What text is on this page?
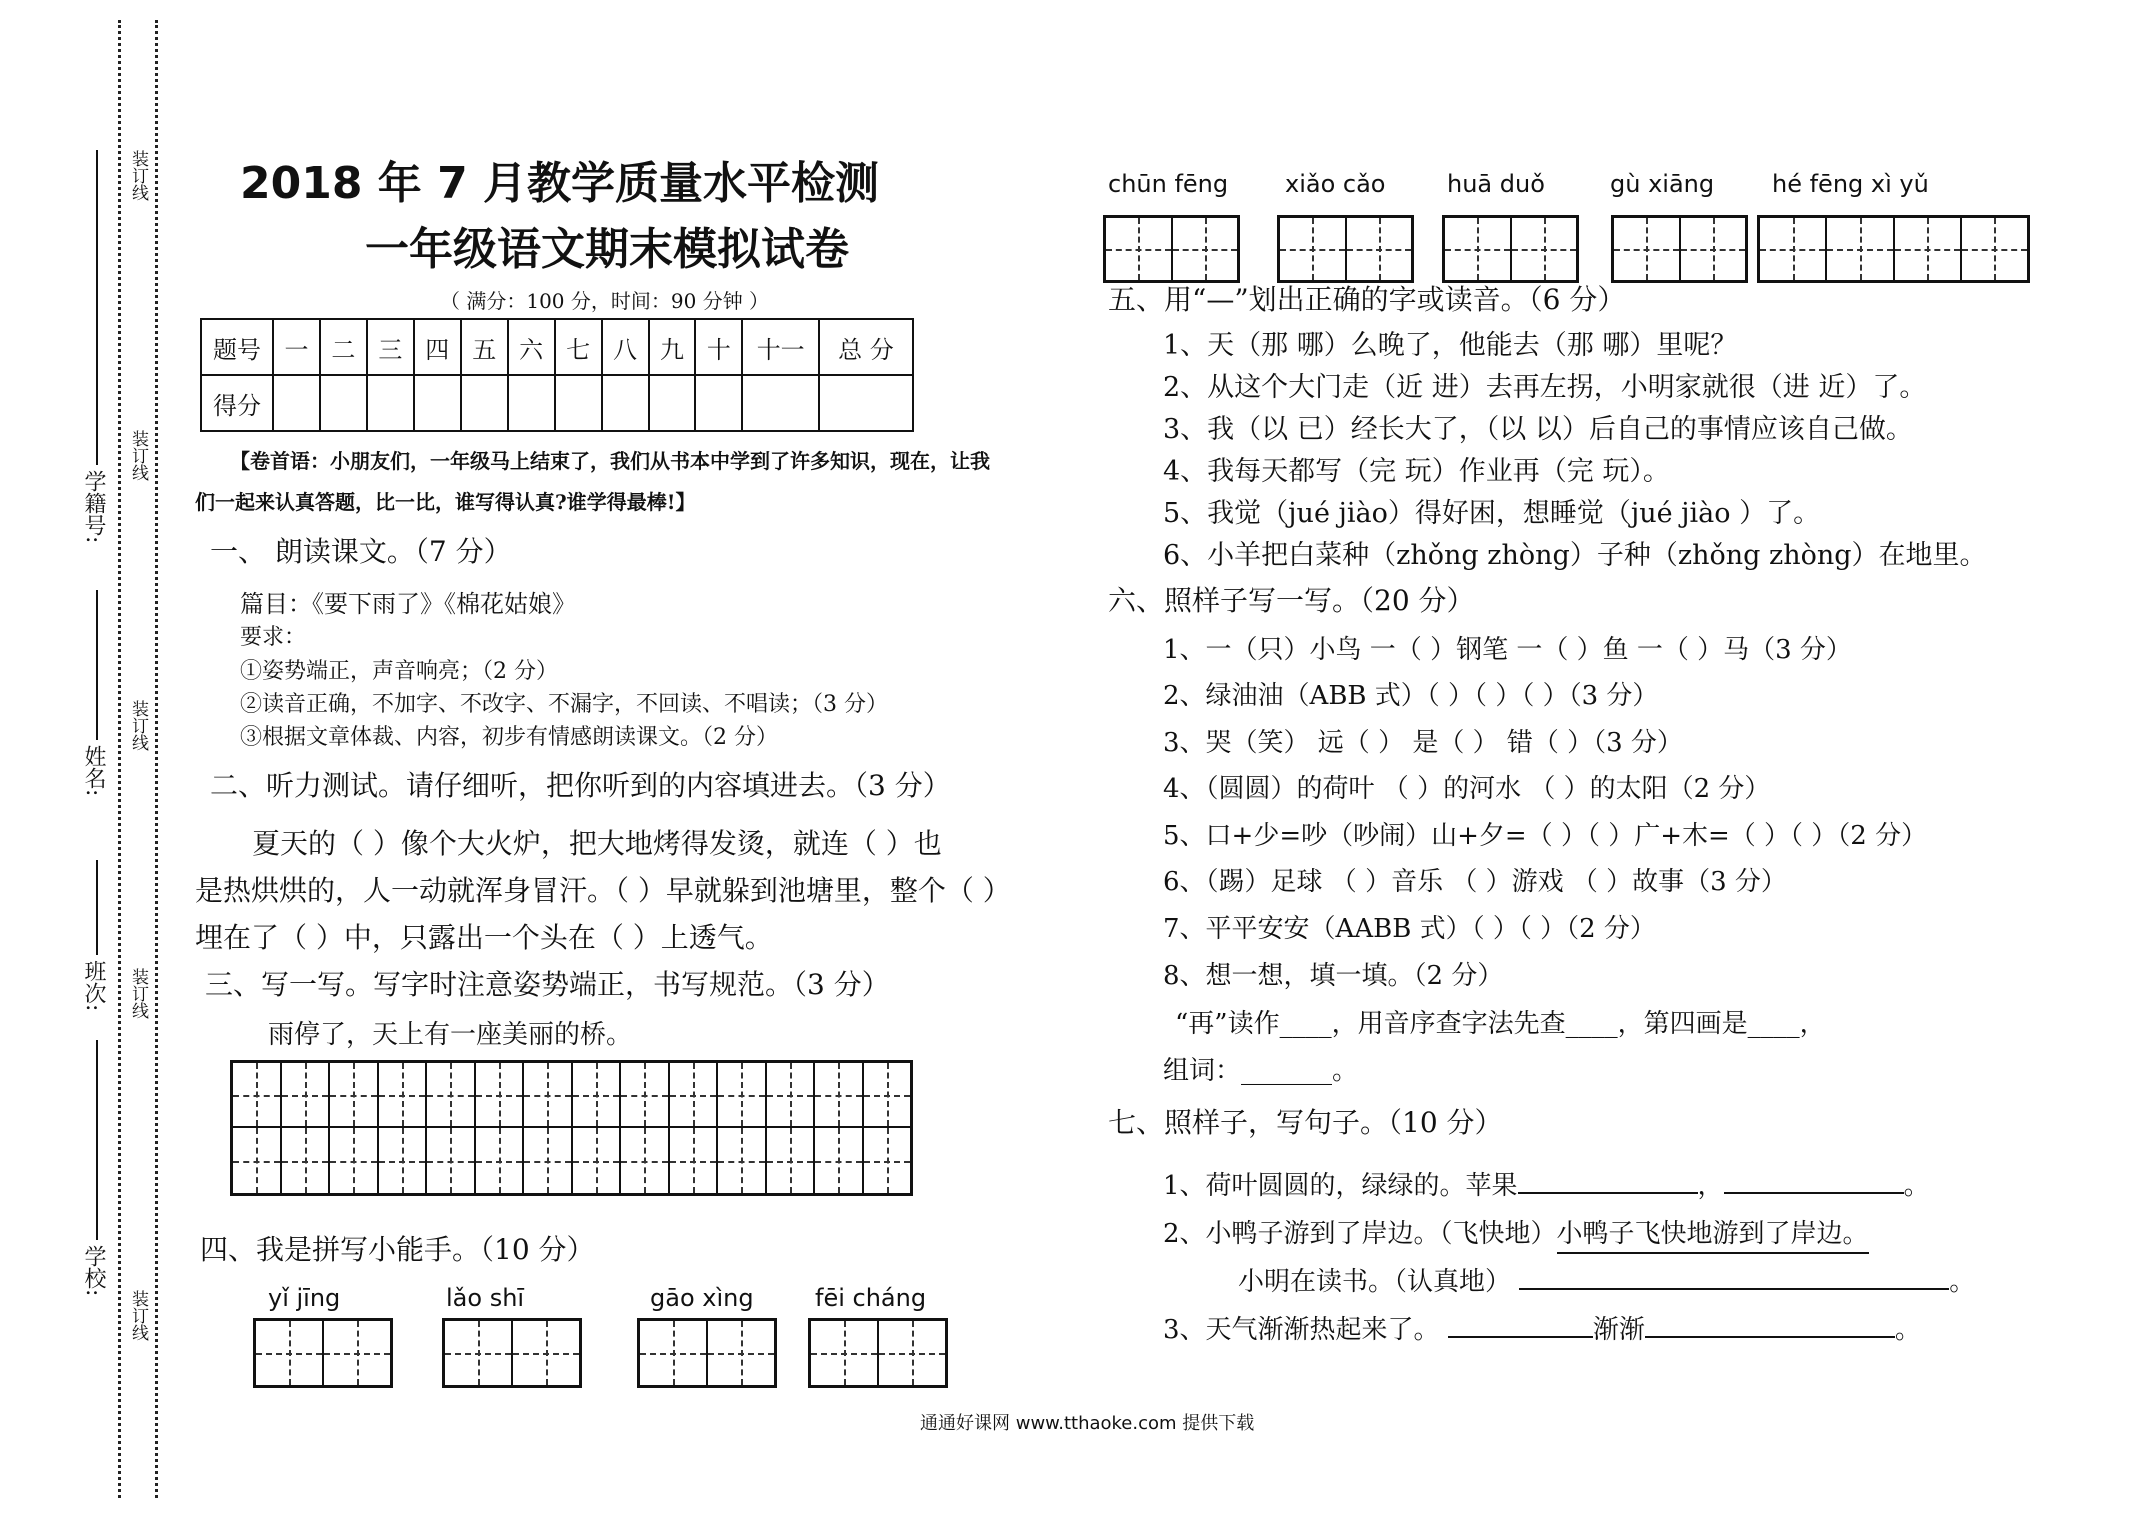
装订线
装订线
装订线
装订线
装订线
学籍号:
姓名:
班次:
学校:
2018 年 7 月教学质量水平检测
一年级语文期末模拟试卷
（ 满分：100 分，时间：90 分钟 ）
题号	一	二	三	四	五	六	七	八	九	十	十一	总 分
得分												
【卷首语：小朋友们，一年级马上结束了，我们从书本中学到了许多知识，现在，让我
们一起来认真答题，比一比，谁写得认真?谁学得最棒!】
一、 朗读课文。（7 分）
篇目：《要下雨了》《棉花姑娘》
要求：
①姿势端正，声音响亮；（2 分）
②读音正确，不加字、不改字、不漏字，不回读、不唱读；（3 分）
③根据文章体裁、内容，初步有情感朗读课文。（2 分）
二、听力测试。请仔细听，把你听到的内容填进去。（3 分）
夏天的（ ）像个大火炉，把大地烤得发烫，就连（ ）也
是热烘烘的，人一动就浑身冒汗。（ ）早就躲到池塘里，整个（ ）
埋在了（ ）中，只露出一个头在（ ）上透气。
三、写一写。写字时注意姿势端正，书写规范。（3 分）
雨停了，天上有一座美丽的桥。
四、我是拼写小能手。（10 分）
yǐ jīng	lǎo shī	gāo xìng	fēi cháng
chūn fēng xiǎo cǎo	huā duǒ	gù xiāng hé fēng xì yǔ
五、用“—”划出正确的字或读音。（6 分）
1、天（那 哪）么晚了，他能去（那 哪）里呢？
2、从这个大门走（近 进）去再左拐，小明家就很（进 近）了。
3、我（以 已）经长大了，（以 以）后自己的事情应该自己做。
4、我每天都写（完 玩）作业再（完 玩）。
5、我觉（jué jiào）得好困，想睡觉（jué jiào ）了。
6、小羊把白菜种（zhǒng zhòng）子种（zhǒng zhòng）在地里。
六、照样子写一写。（20 分）
1、一（只）小鸟 一（ ）钢笔 一（ ）鱼 一（ ）马（3 分）
2、绿油油（ABB 式）（ ）（ ）（ ）（3 分）
3、哭（笑） 远（ ） 是（ ） 错（ ）（3 分）
4、（圆圆）的荷叶 （ ）的河水 （ ）的太阳（2 分）
5、口+少=吵（吵闹）山+夕=（ ）（ ）广+木=（ ）（ ）（2 分）
6、（踢）足球 （ ）音乐 （ ）游戏 （ ）故事（3 分）
7、平平安安（AABB 式）（ ）（ ）（2 分）
8、想一想，填一填。（2 分）
“再”读作____，用音序查字法先查____，第四画是____，
组词：_______。
七、照样子，写句子。（10 分）
1、荷叶圆圆的，绿绿的。苹果	，	。
2、小鸭子游到了岸边。（飞快地）小鸭子飞快地游到了岸边。
小明在读书。（认真地）	。
3、天气渐渐热起来了。	渐渐	。
通通好课网 www.tthaoke.com 提供下载
